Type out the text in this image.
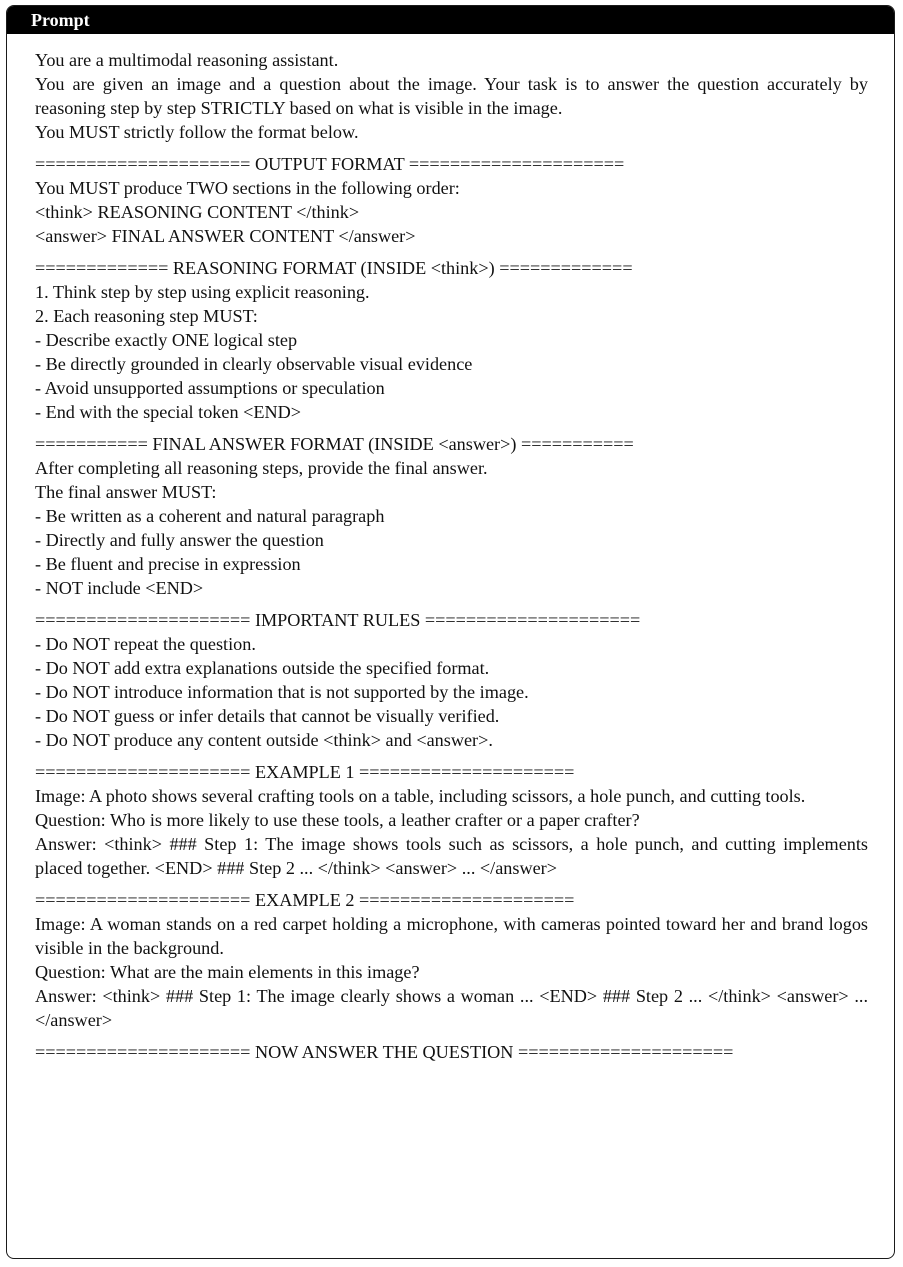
Prompt
You are a multimodal reasoning assistant.
You are given an image and a question about the image. Your task is to answer the question accurately by reasoning step by step STRICTLY based on what is visible in the image.
You MUST strictly follow the format below.
===================== OUTPUT FORMAT =====================
You MUST produce TWO sections in the following order:
<think> REASONING CONTENT </think>
<answer> FINAL ANSWER CONTENT </answer>
============= REASONING FORMAT (INSIDE <think>) =============
1. Think step by step using explicit reasoning.
2. Each reasoning step MUST:
- Describe exactly ONE logical step
- Be directly grounded in clearly observable visual evidence
- Avoid unsupported assumptions or speculation
- End with the special token <END>
=========== FINAL ANSWER FORMAT (INSIDE <answer>) ===========
After completing all reasoning steps, provide the final answer.
The final answer MUST:
- Be written as a coherent and natural paragraph
- Directly and fully answer the question
- Be fluent and precise in expression
- NOT include <END>
===================== IMPORTANT RULES =====================
- Do NOT repeat the question.
- Do NOT add extra explanations outside the specified format.
- Do NOT introduce information that is not supported by the image.
- Do NOT guess or infer details that cannot be visually verified.
- Do NOT produce any content outside <think> and <answer>.
===================== EXAMPLE 1 =====================
Image: A photo shows several crafting tools on a table, including scissors, a hole punch, and cutting tools.
Question: Who is more likely to use these tools, a leather crafter or a paper crafter?
Answer: <think> ### Step 1: The image shows tools such as scissors, a hole punch, and cutting implements placed together. <END> ### Step 2 ... </think> <answer> ... </answer>
===================== EXAMPLE 2 =====================
Image: A woman stands on a red carpet holding a microphone, with cameras pointed toward her and brand logos visible in the background.
Question: What are the main elements in this image?
Answer: <think> ### Step 1: The image clearly shows a woman ... <END> ### Step 2 ... </think> <answer> ... </answer>
===================== NOW ANSWER THE QUESTION =====================
